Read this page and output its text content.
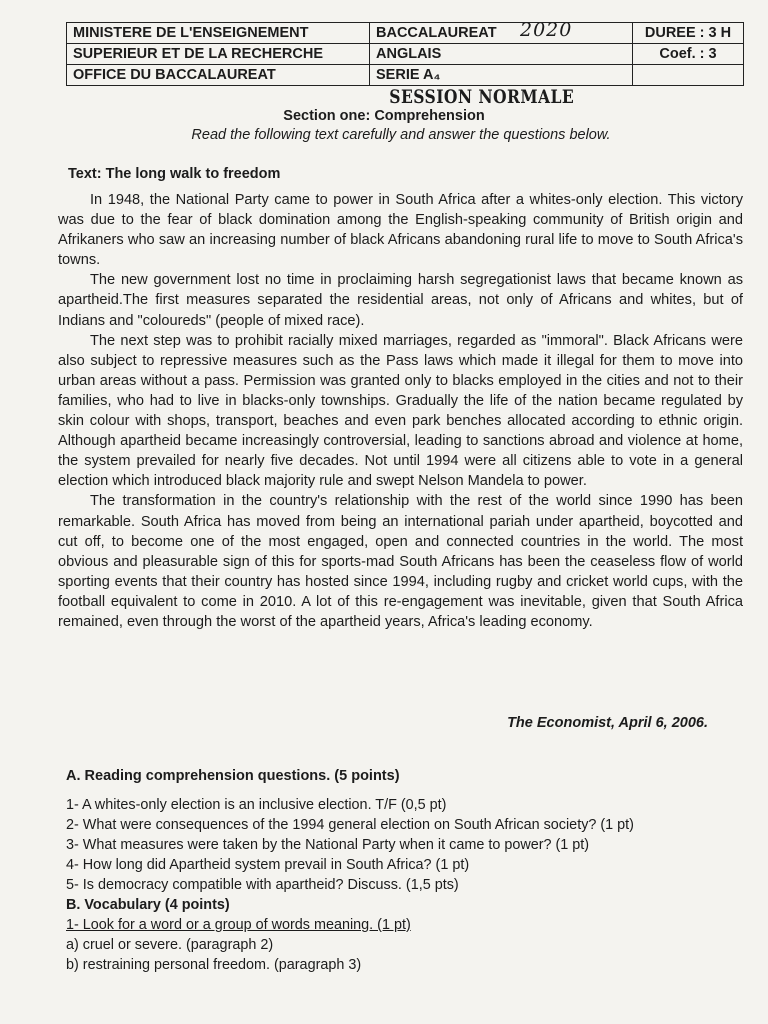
MINISTERE DE L'ENSEIGNEMENT	BACCALAUREAT 2020	DUREE : 3 H
SUPERIEUR ET DE LA RECHERCHE	ANGLAIS	Coef. : 3
OFFICE DU BACCALAUREAT	SERIE A₄	
SESSION NORMALE
Section one: Comprehension
Read the following text carefully and answer the questions below.
Text: The long walk to freedom

In 1948, the National Party came to power in South Africa after a whites-only election. This victory was due to the fear of black domination among the English-speaking community of British origin and Afrikaners who saw an increasing number of black Africans abandoning rural life to move to South Africa's towns.

The new government lost no time in proclaiming harsh segregationist laws that became known as apartheid.The first measures separated the residential areas, not only of Africans and whites, but of Indians and "coloureds" (people of mixed race).

The next step was to prohibit racially mixed marriages, regarded as "immoral". Black Africans were also subject to repressive measures such as the Pass laws which made it illegal for them to move into urban areas without a pass. Permission was granted only to blacks employed in the cities and not to their families, who had to live in blacks-only townships. Gradually the life of the nation became regulated by skin colour with shops, transport, beaches and even park benches allocated according to ethnic origin. Although apartheid became increasingly controversial, leading to sanctions abroad and violence at home, the system prevailed for nearly five decades. Not until 1994 were all citizens able to vote in a general election which introduced black majority rule and swept Nelson Mandela to power.

The transformation in the country's relationship with the rest of the world since 1990 has been remarkable. South Africa has moved from being an international pariah under apartheid, boycotted and cut off, to become one of the most engaged, open and connected countries in the world. The most obvious and pleasurable sign of this for sports-mad South Africans has been the ceaseless flow of world sporting events that their country has hosted since 1994, including rugby and cricket world cups, with the football equivalent to come in 2010. A lot of this re-engagement was inevitable, given that South Africa remained, even through the worst of the apartheid years, Africa's leading economy.

The Economist, April 6, 2006.
A. Reading comprehension questions. (5 points)
1- A whites-only election is an inclusive election. T/F (0,5 pt)
2- What were consequences of the 1994 general election on South African society? (1 pt)
3- What measures were taken by the National Party when it came to power? (1 pt)
4- How long did Apartheid system prevail in South Africa? (1 pt)
5- Is democracy compatible with apartheid? Discuss. (1,5 pts)
B. Vocabulary (4 points)
1- Look for a word or a group of words meaning. (1 pt)
a) cruel or severe. (paragraph 2)
b) restraining personal freedom. (paragraph 3)
